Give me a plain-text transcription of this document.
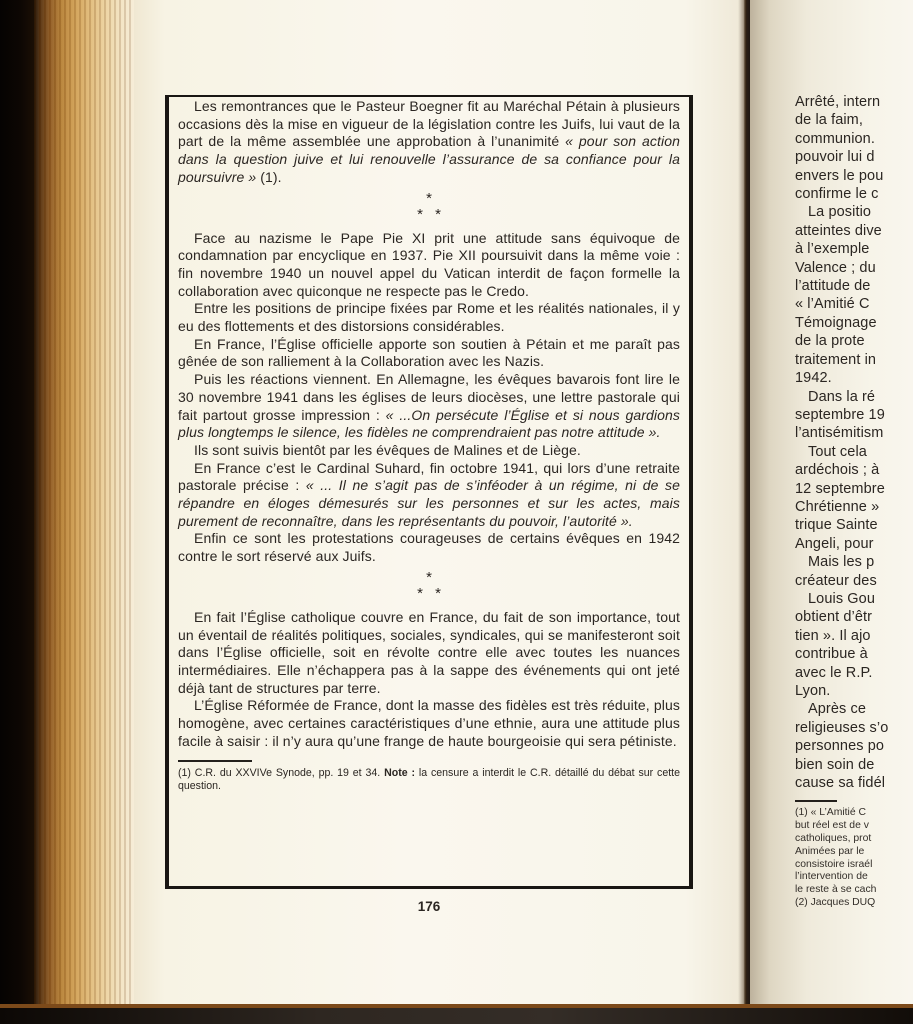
Les remontrances que le Pasteur Boegner fit au Maréchal Pétain à plusieurs occasions dès la mise en vigueur de la législation contre les Juifs, lui vaut de la part de la même assemblée une approbation à l’unanimité « pour son action dans la question juive et lui renouvelle l’assurance de sa confiance pour la poursuivre » (1).

*
* *

Face au nazisme le Pape Pie XI prit une attitude sans équivoque de condamnation par encyclique en 1937. Pie XII poursuivit dans la même voie : fin novembre 1940 un nouvel appel du Vatican interdit de façon formelle la collaboration avec quiconque ne respecte pas le Credo.

Entre les positions de principe fixées par Rome et les réalités nationales, il y eu des flottements et des distorsions considérables.

En France, l’Église officielle apporte son soutien à Pétain et me paraît pas gênée de son ralliement à la Collaboration avec les Nazis.

Puis les réactions viennent. En Allemagne, les évêques bavarois font lire le 30 novembre 1941 dans les églises de leurs diocèses, une lettre pastorale qui fait partout grosse impression : « ...On persécute l’Église et si nous gardions plus longtemps le silence, les fidèles ne comprendraient pas notre attitude ».

Ils sont suivis bientôt par les évêques de Malines et de Liège.

En France c’est le Cardinal Suhard, fin octobre 1941, qui lors d’une retraite pastorale précise : « ... Il ne s’agit pas de s’inféoder à un régime, ni de se répandre en éloges démesurés sur les personnes et sur les actes, mais purement de reconnaître, dans les représentants du pouvoir, l’autorité ».

Enfin ce sont les protestations courageuses de certains évêques en 1942 contre le sort réservé aux Juifs.

*
* *

En fait l’Église catholique couvre en France, du fait de son importance, tout un éventail de réalités politiques, sociales, syndicales, qui se manifesteront soit dans l’Église officielle, soit en révolte contre elle avec toutes les nuances intermédiaires. Elle n’échappera pas à la sappe des événements qui ont jeté déjà tant de structures par terre.

L’Église Réformée de France, dont la masse des fidèles est très réduite, plus homogène, avec certaines caractéristiques d’une ethnie, aura une attitude plus facile à saisir : il n’y aura qu’une frange de haute bourgeoisie qui sera pétiniste.

(1) C.R. du XXVIVe Synode, pp. 19 et 34. Note : la censure a interdit le C.R. détaillé du débat sur cette question.

176
Arrêté, intern
de la faim,
communion.
pouvoir lui d
envers le pou
confirme le c
La positio
atteintes dive
à l’exemple
Valence ; du
l’attitude de
« l’Amitié C
Témoignage
de la prote
traitement in
1942.
Dans la ré
septembre 19
l’antisémitism
Tout cela
ardéchois ; à
12 septembre
Chrétienne »
trique Sainte
Angeli, pour
Mais les p
créateur des
Louis Gou
obtient d’êtr
tien ». Il ajo
contribue à
avec le R.P.
Lyon.
Après ce
religieuses s’o
personnes po
bien soin de
cause sa fidél
(1) « L’Amitié C
but réel est de v
catholiques, prot
Animées par le
consistoire israél
l’intervention de
le reste à se cach
(2) Jacques DUQ
